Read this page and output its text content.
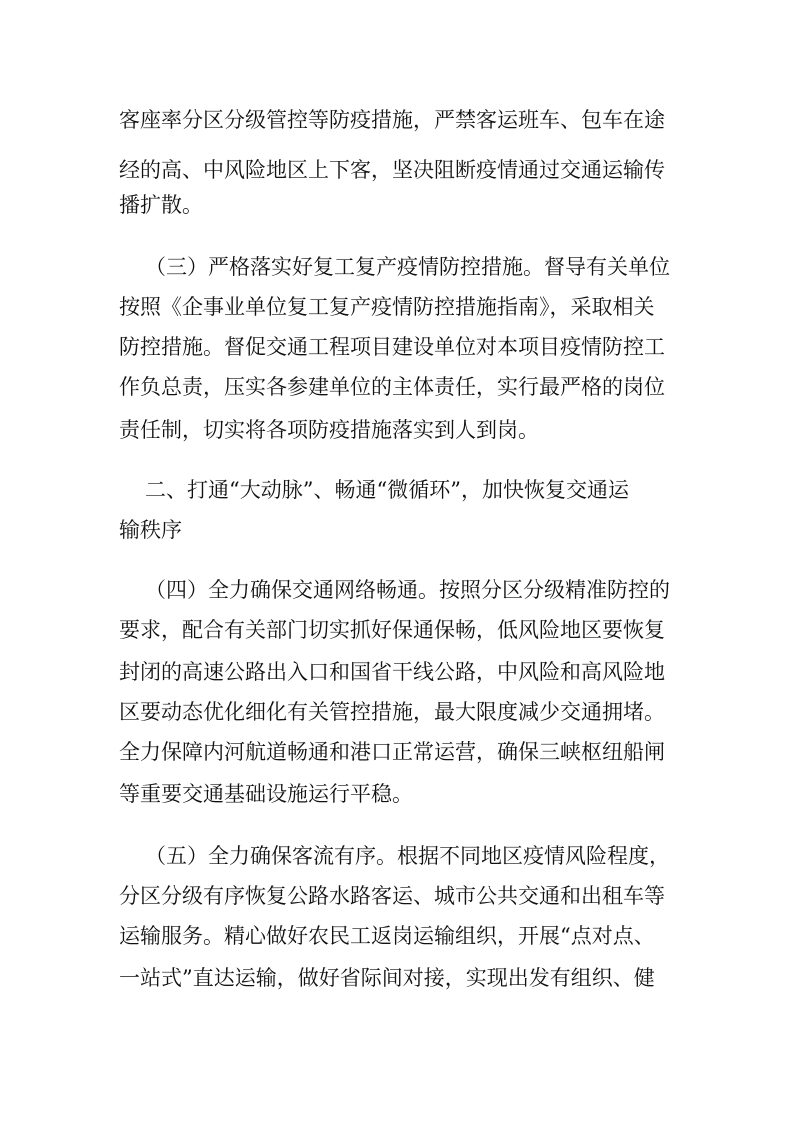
客座率分区分级管控等防疫措施，严禁客运班车、包车在途
经的高、中风险地区上下客，坚决阻断疫情通过交通运输传
播扩散。
（三）严格落实好复工复产疫情防控措施。督导有关单位
按照《企事业单位复工复产疫情防控措施指南》，采取相关
防控措施。督促交通工程项目建设单位对本项目疫情防控工
作负总责，压实各参建单位的主体责任，实行最严格的岗位
责任制，切实将各项防疫措施落实到人到岗。
二、打通“大动脉”、畅通“微循环”，加快恢复交通运
输秩序
（四）全力确保交通网络畅通。按照分区分级精准防控的
要求，配合有关部门切实抓好保通保畅，低风险地区要恢复
封闭的高速公路出入口和国省干线公路，中风险和高风险地
区要动态优化细化有关管控措施，最大限度减少交通拥堵。
全力保障内河航道畅通和港口正常运营，确保三峡枢纽船闸
等重要交通基础设施运行平稳。
（五）全力确保客流有序。根据不同地区疫情风险程度，
分区分级有序恢复公路水路客运、城市公共交通和出租车等
运输服务。精心做好农民工返岗运输组织，开展“点对点、
一站式”直达运输，做好省际间对接，实现出发有组织、健
